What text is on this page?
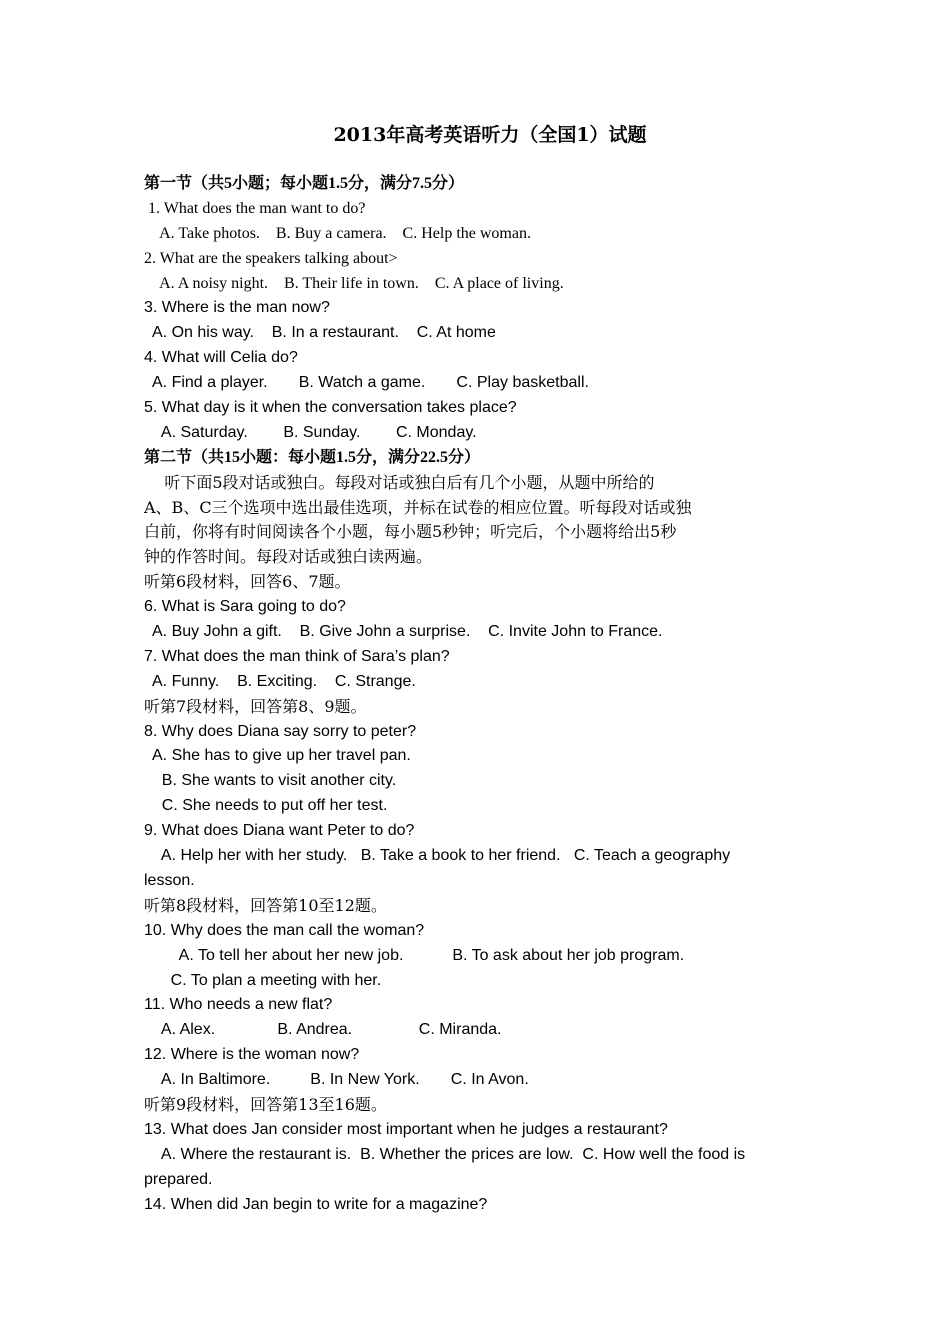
2013年高考英语听力（全国1）试题
第一节（共5小题；每小题1.5分，满分7.5分）
1. What does the man want to do?
A. Take photos.    B. Buy a camera.    C. Help the woman.
2. What are the speakers talking about>
A. A noisy night.    B. Their life in town.    C. A place of living.
3. Where is the man now?
A. On his way.    B. In a restaurant.    C. At home
4. What will Celia do?
A. Find a player.       B. Watch a game.       C. Play basketball.
5. What day is it when the conversation takes place?
A. Saturday.        B. Sunday.        C. Monday.
第二节（共15小题：每小题1.5分，满分22.5分）
听下面5段对话或独白。每段对话或独白后有几个小题，从题中所给的
A、B、C三个选项中选出最佳选项，并标在试卷的相应位置。听每段对话或独
白前，你将有时间阅读各个小题，每小题5秒钟；听完后，个小题将给出5秒
钟的作答时间。每段对话或独白读两遍。
听第6段材料，回答6、7题。
6. What is Sara going to do?
A. Buy John a gift.    B. Give John a surprise.    C. Invite John to France.
7. What does the man think of Sara’s plan?
A. Funny.    B. Exciting.    C. Strange.
听第7段材料，回答第8、9题。
8. Why does Diana say sorry to peter?
A. She has to give up her travel pan.
B. She wants to visit another city.
C. She needs to put off her test.
9. What does Diana want Peter to do?
A. Help her with her study.   B. Take a book to her friend.   C. Teach a geography
lesson.
听第8段材料，回答第10至12题。
10. Why does the man call the woman?
A. To tell her about her new job.           B. To ask about her job program.
C. To plan a meeting with her.
11. Who needs a new flat?
A. Alex.              B. Andrea.               C. Miranda.
12. Where is the woman now?
A. In Baltimore.         B. In New York.       C. In Avon.
听第9段材料，回答第13至16题。
13. What does Jan consider most important when he judges a restaurant?
A. Where the restaurant is.  B. Whether the prices are low.  C. How well the food is
prepared.
14. When did Jan begin to write for a magazine?
